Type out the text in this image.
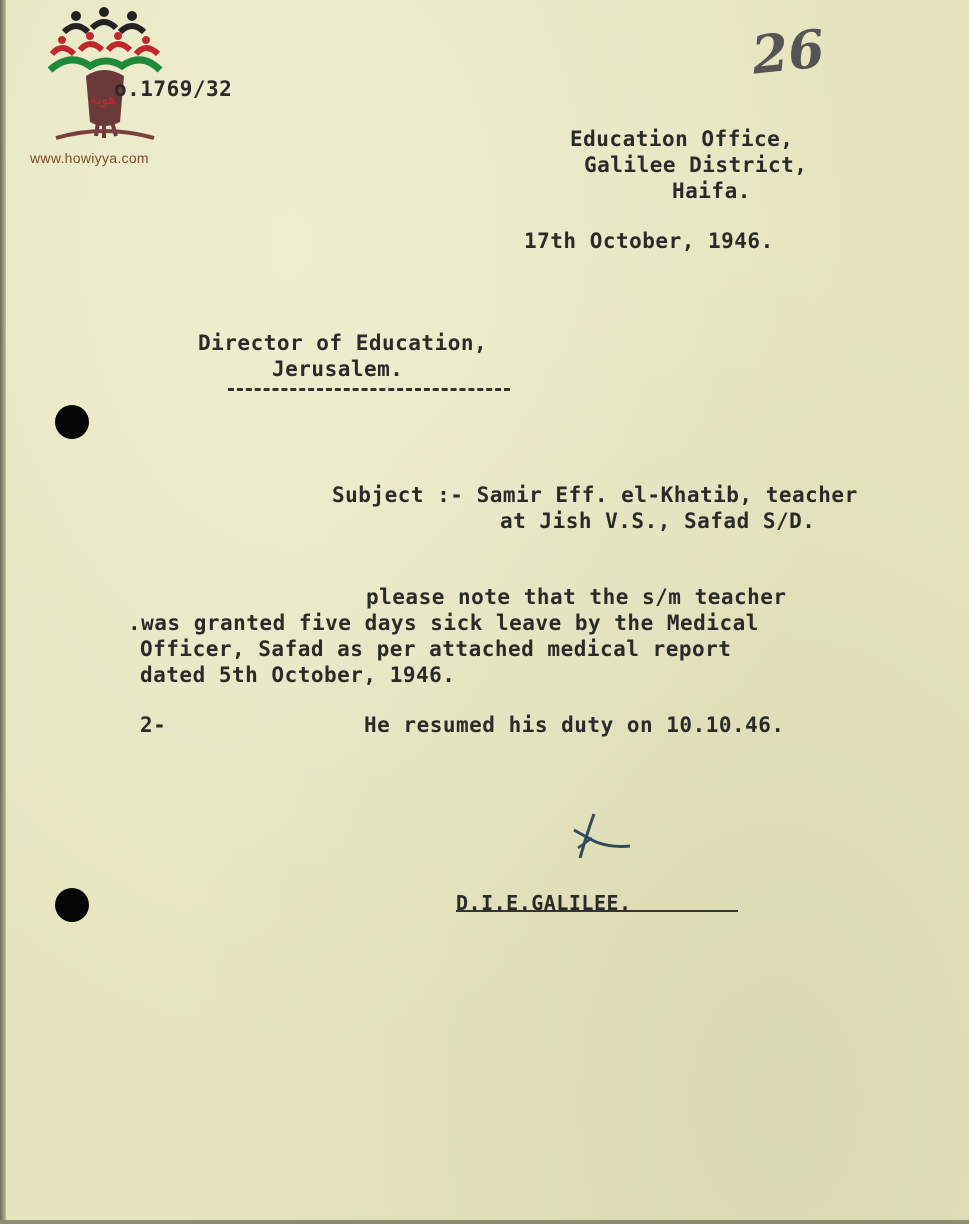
هوية
www.howiyya.com
o.1769/32
26
Education Office,
Galilee District,
Haifa.
17th October, 1946.
Director of Education,
Jerusalem.
Subject :- Samir Eff. el-Khatib, teacher
at Jish V.S., Safad S/D.
please note that the s/m teacher
.was granted five days sick leave by the Medical
Officer, Safad as per attached medical report
dated 5th October, 1946.
2-	He resumed his duty on 10.10.46.
D.I.E.GALILEE.
